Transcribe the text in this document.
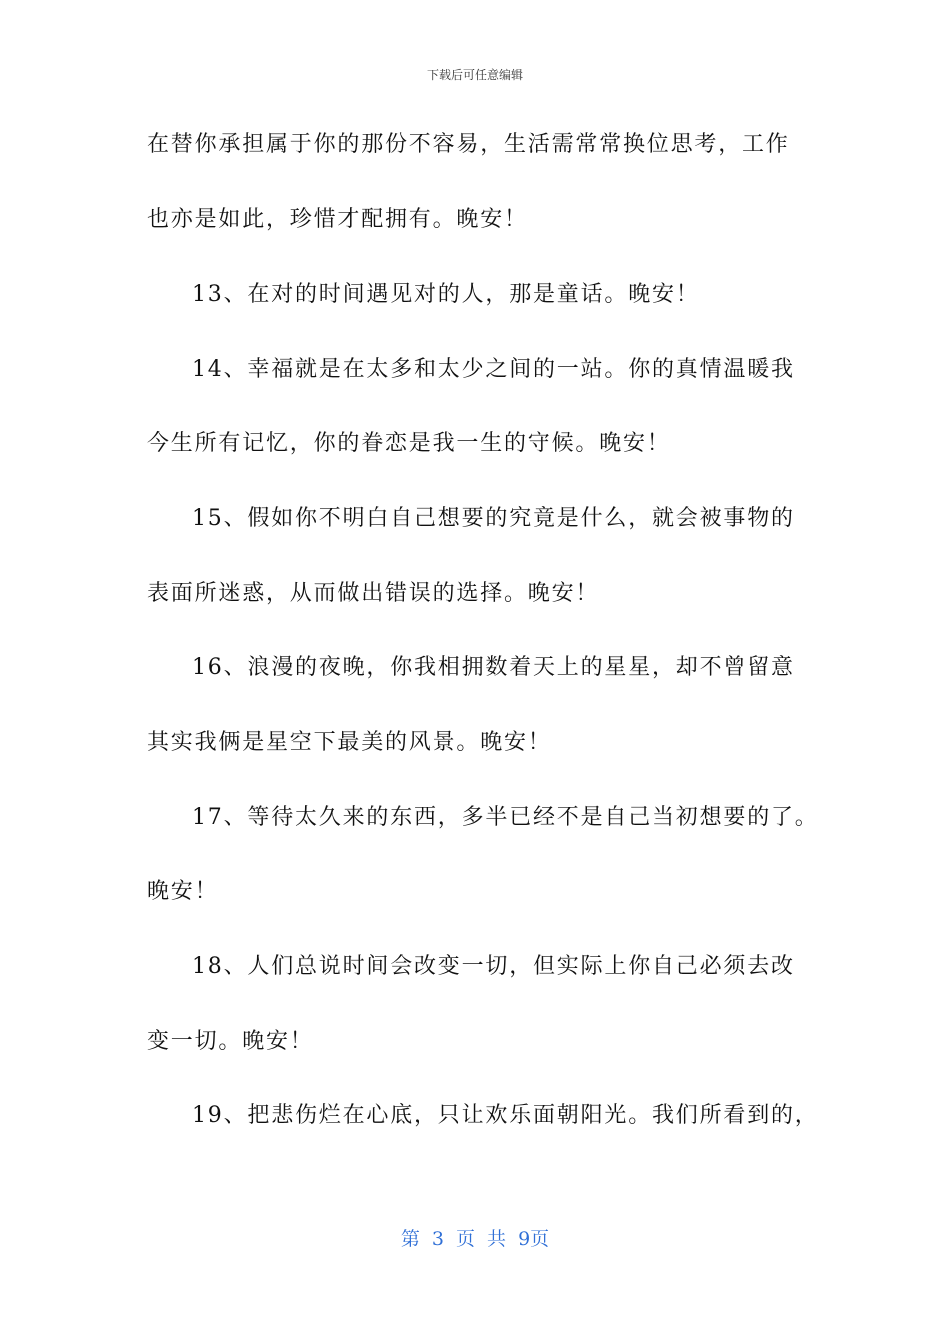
下载后可任意编辑
在替你承担属于你的那份不容易，生活需常常换位思考，工作
也亦是如此，珍惜才配拥有。晚安！
13、在对的时间遇见对的人，那是童话。晚安！
14、幸福就是在太多和太少之间的一站。你的真情温暖我
今生所有记忆，你的眷恋是我一生的守候。晚安！
15、假如你不明白自己想要的究竟是什么，就会被事物的
表面所迷惑，从而做出错误的选择。晚安！
16、浪漫的夜晚，你我相拥数着天上的星星，却不曾留意
其实我俩是星空下最美的风景。晚安！
17、等待太久来的东西，多半已经不是自己当初想要的了。
晚安！
18、人们总说时间会改变一切，但实际上你自己必须去改
变一切。晚安！
19、把悲伤烂在心底，只让欢乐面朝阳光。我们所看到的，
第 3 页 共 9页
